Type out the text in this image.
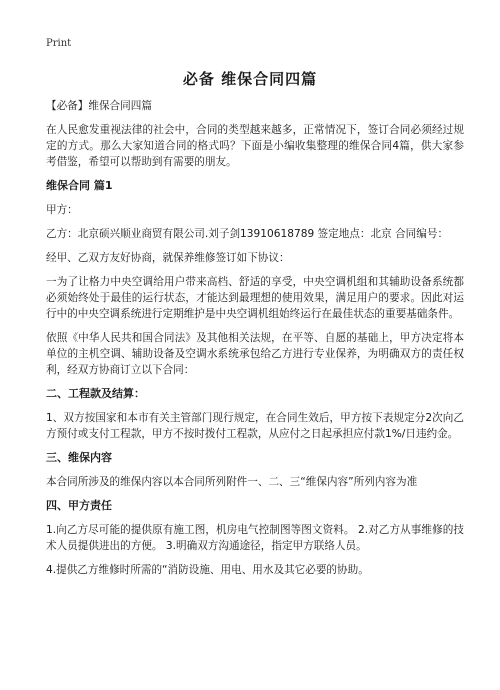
Print
必备 维保合同四篇
【必备】维保合同四篇
在人民愈发重视法律的社会中，合同的类型越来越多，正常情况下，签订合同必须经过规定的方式。那么大家知道合同的格式吗？下面是小编收集整理的维保合同4篇，供大家参考借鉴，希望可以帮助到有需要的朋友。
维保合同 篇1
甲方：
乙方：北京硕兴顺业商贸有限公司.刘子剑13910618789 签定地点：北京 合同编号：
经甲、乙双方友好协商，就保养维修签订如下协议：
一为了让格力中央空调给用户带来高档、舒适的享受，中央空调机组和其辅助设备系统都必须始终处于最佳的运行状态，才能达到最理想的使用效果，满足用户的要求。因此对运行中的中央空调系统进行定期维护是中央空调机组始终运行在最佳状态的重要基础条件。
依照《中华人民共和国合同法》及其他相关法规，在平等、自愿的基础上，甲方决定将本单位的主机空调、辅助设备及空调水系统承包给乙方进行专业保养，为明确双方的责任权利，经双方协商订立以下合同：
二、工程款及结算：
1、双方按国家和本市有关主管部门现行规定，在合同生效后，甲方按下表规定分2次向乙方预付或支付工程款，甲方不按时拨付工程款，从应付之日起承担应付款1%/日违约金。
三、维保内容
本合同所涉及的维保内容以本合同所列附件一、二、三“维保内容”所列内容为准
四、甲方责任
1.向乙方尽可能的提供原有施工图，机房电气控制图等图文资料。 2.对乙方从事维修的技术人员提供进出的方便。 3.明确双方沟通途径，指定甲方联络人员。
4.提供乙方维修时所需的“消防设施、用电、用水及其它必要的协助。
